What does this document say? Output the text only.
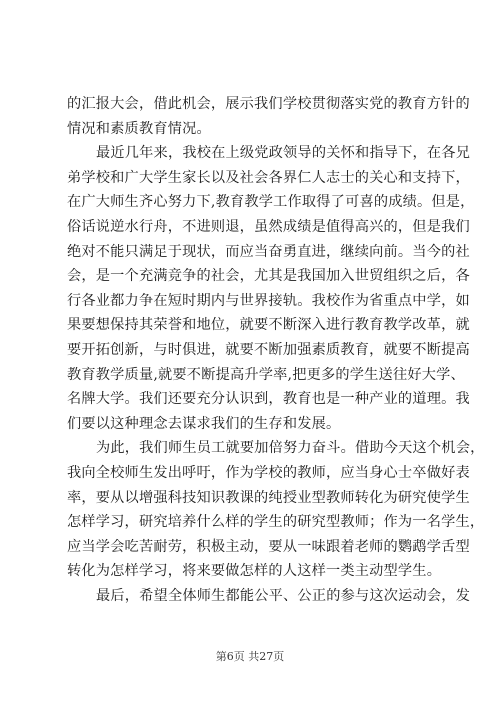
的汇报大会，借此机会，展示我们学校贯彻落实党的教育方针的
情况和素质教育情况。
最近几年来，我校在上级党政领导的关怀和指导下，在各兄
弟学校和广大学生家长以及社会各界仁人志士的关心和支持下，
在广大师生齐心努力下,教育教学工作取得了可喜的成绩。但是，
俗话说逆水行舟，不进则退，虽然成绩是值得高兴的，但是我们
绝对不能只满足于现状，而应当奋勇直进，继续向前。当今的社
会，是一个充满竞争的社会，尤其是我国加入世贸组织之后，各
行各业都力争在短时期内与世界接轨。我校作为省重点中学，如
果要想保持其荣誉和地位，就要不断深入进行教育教学改革，就
要开拓创新，与时俱进，就要不断加强素质教育，就要不断提高
教育教学质量,就要不断提高升学率,把更多的学生送往好大学、
名牌大学。我们还要充分认识到，教育也是一种产业的道理。我
们要以这种理念去谋求我们的生存和发展。
为此，我们师生员工就要加倍努力奋斗。借助今天这个机会，
我向全校师生发出呼吁，作为学校的教师，应当身心士卒做好表
率，要从以增强科技知识教课的纯授业型教师转化为研究使学生
怎样学习，研究培养什么样的学生的研究型教师；作为一名学生，
应当学会吃苦耐劳，积极主动，要从一味跟着老师的鹦鹉学舌型
转化为怎样学习，将来要做怎样的人这样一类主动型学生。
最后，希望全体师生都能公平、公正的参与这次运动会，发
第6页 共27页
